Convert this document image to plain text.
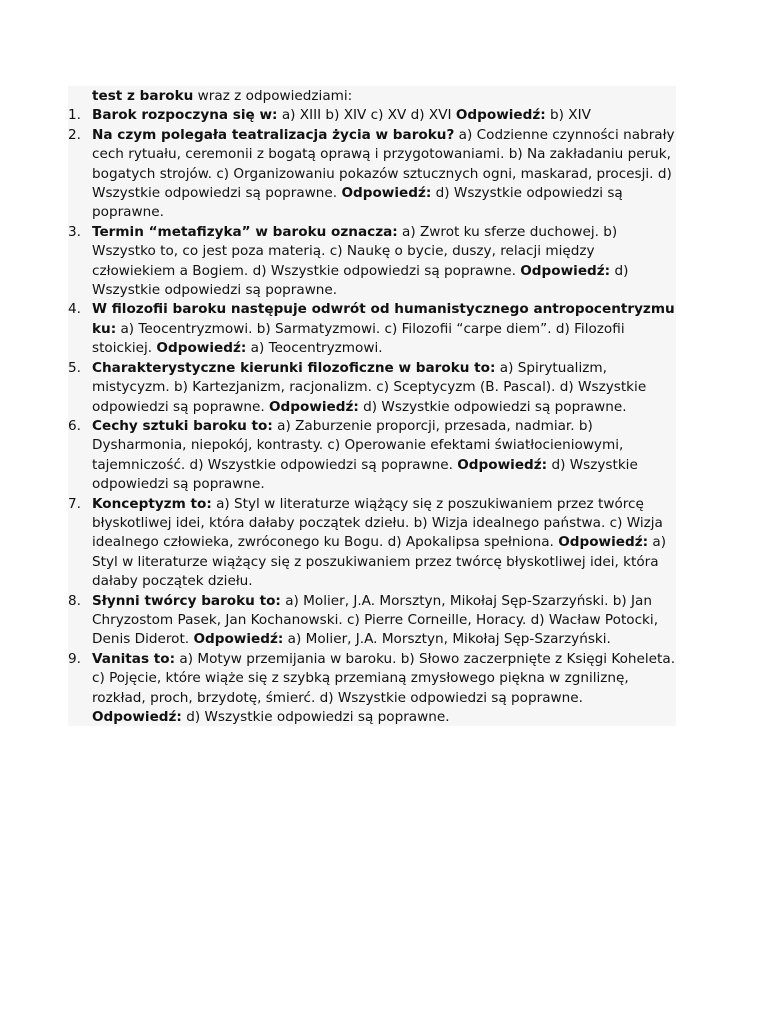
test z baroku wraz z odpowiedziami:

1. Barok rozpoczyna się w: a) XIII b) XIV c) XV d) XVI Odpowiedź: b) XIV
2. Na czym polegała teatralizacja życia w baroku? a) Codzienne czynności nabrały cech rytuału, ceremonii z bogatą oprawą i przygotowaniami. b) Na zakładaniu peruk, bogatych strojów. c) Organizowaniu pokazów sztucznych ogni, maskarad, procesji. d) Wszystkie odpowiedzi są poprawne. Odpowiedź: d) Wszystkie odpowiedzi są poprawne.
3. Termin “metafizyka” w baroku oznacza: a) Zwrot ku sferze duchowej. b) Wszystko to, co jest poza materią. c) Naukę o bycie, duszy, relacji między człowiekiem a Bogiem. d) Wszystkie odpowiedzi są poprawne. Odpowiedź: d) Wszystkie odpowiedzi są poprawne.
4. W filozofii baroku następuje odwrót od humanistycznego antropocentryzmu ku: a) Teocentryzmowi. b) Sarmatyzmowi. c) Filozofii “carpe diem”. d) Filozofii stoickiej. Odpowiedź: a) Teocentryzmowi.
5. Charakterystyczne kierunki filozoficzne w baroku to: a) Spirytualizm, mistycyzm. b) Kartezjanizm, racjonalizm. c) Sceptycyzm (B. Pascal). d) Wszystkie odpowiedzi są poprawne. Odpowiedź: d) Wszystkie odpowiedzi są poprawne.
6. Cechy sztuki baroku to: a) Zaburzenie proporcji, przesada, nadmiar. b) Dysharmonia, niepokój, kontrasty. c) Operowanie efektami światłocieniowymi, tajemniczość. d) Wszystkie odpowiedzi są poprawne. Odpowiedź: d) Wszystkie odpowiedzi są poprawne.
7. Konceptyzm to: a) Styl w literaturze wiążący się z poszukiwaniem przez twórcę błyskotliwej idei, która dałaby początek dziełu. b) Wizja idealnego państwa. c) Wizja idealnego człowieka, zwróconego ku Bogu. d) Apokalipsa spełniona. Odpowiedź: a) Styl w literaturze wiążący się z poszukiwaniem przez twórcę błyskotliwej idei, która dałaby początek dziełu.
8. Słynni twórcy baroku to: a) Molier, J.A. Morsztyn, Mikołaj Sęp-Szarzyński. b) Jan Chryzostom Pasek, Jan Kochanowski. c) Pierre Corneille, Horacy. d) Wacław Potocki, Denis Diderot. Odpowiedź: a) Molier, J.A. Morsztyn, Mikołaj Sęp-Szarzyński.
9. Vanitas to: a) Motyw przemijania w baroku. b) Słowo zaczerpnięte z Księgi Koheleta. c) Pojęcie, które wiąże się z szybką przemianą zmysłowego piękna w zgniliznę, rozkład, proch, brzydotę, śmierć. d) Wszystkie odpowiedzi są poprawne. Odpowiedź: d) Wszystkie odpowiedzi są poprawne.
